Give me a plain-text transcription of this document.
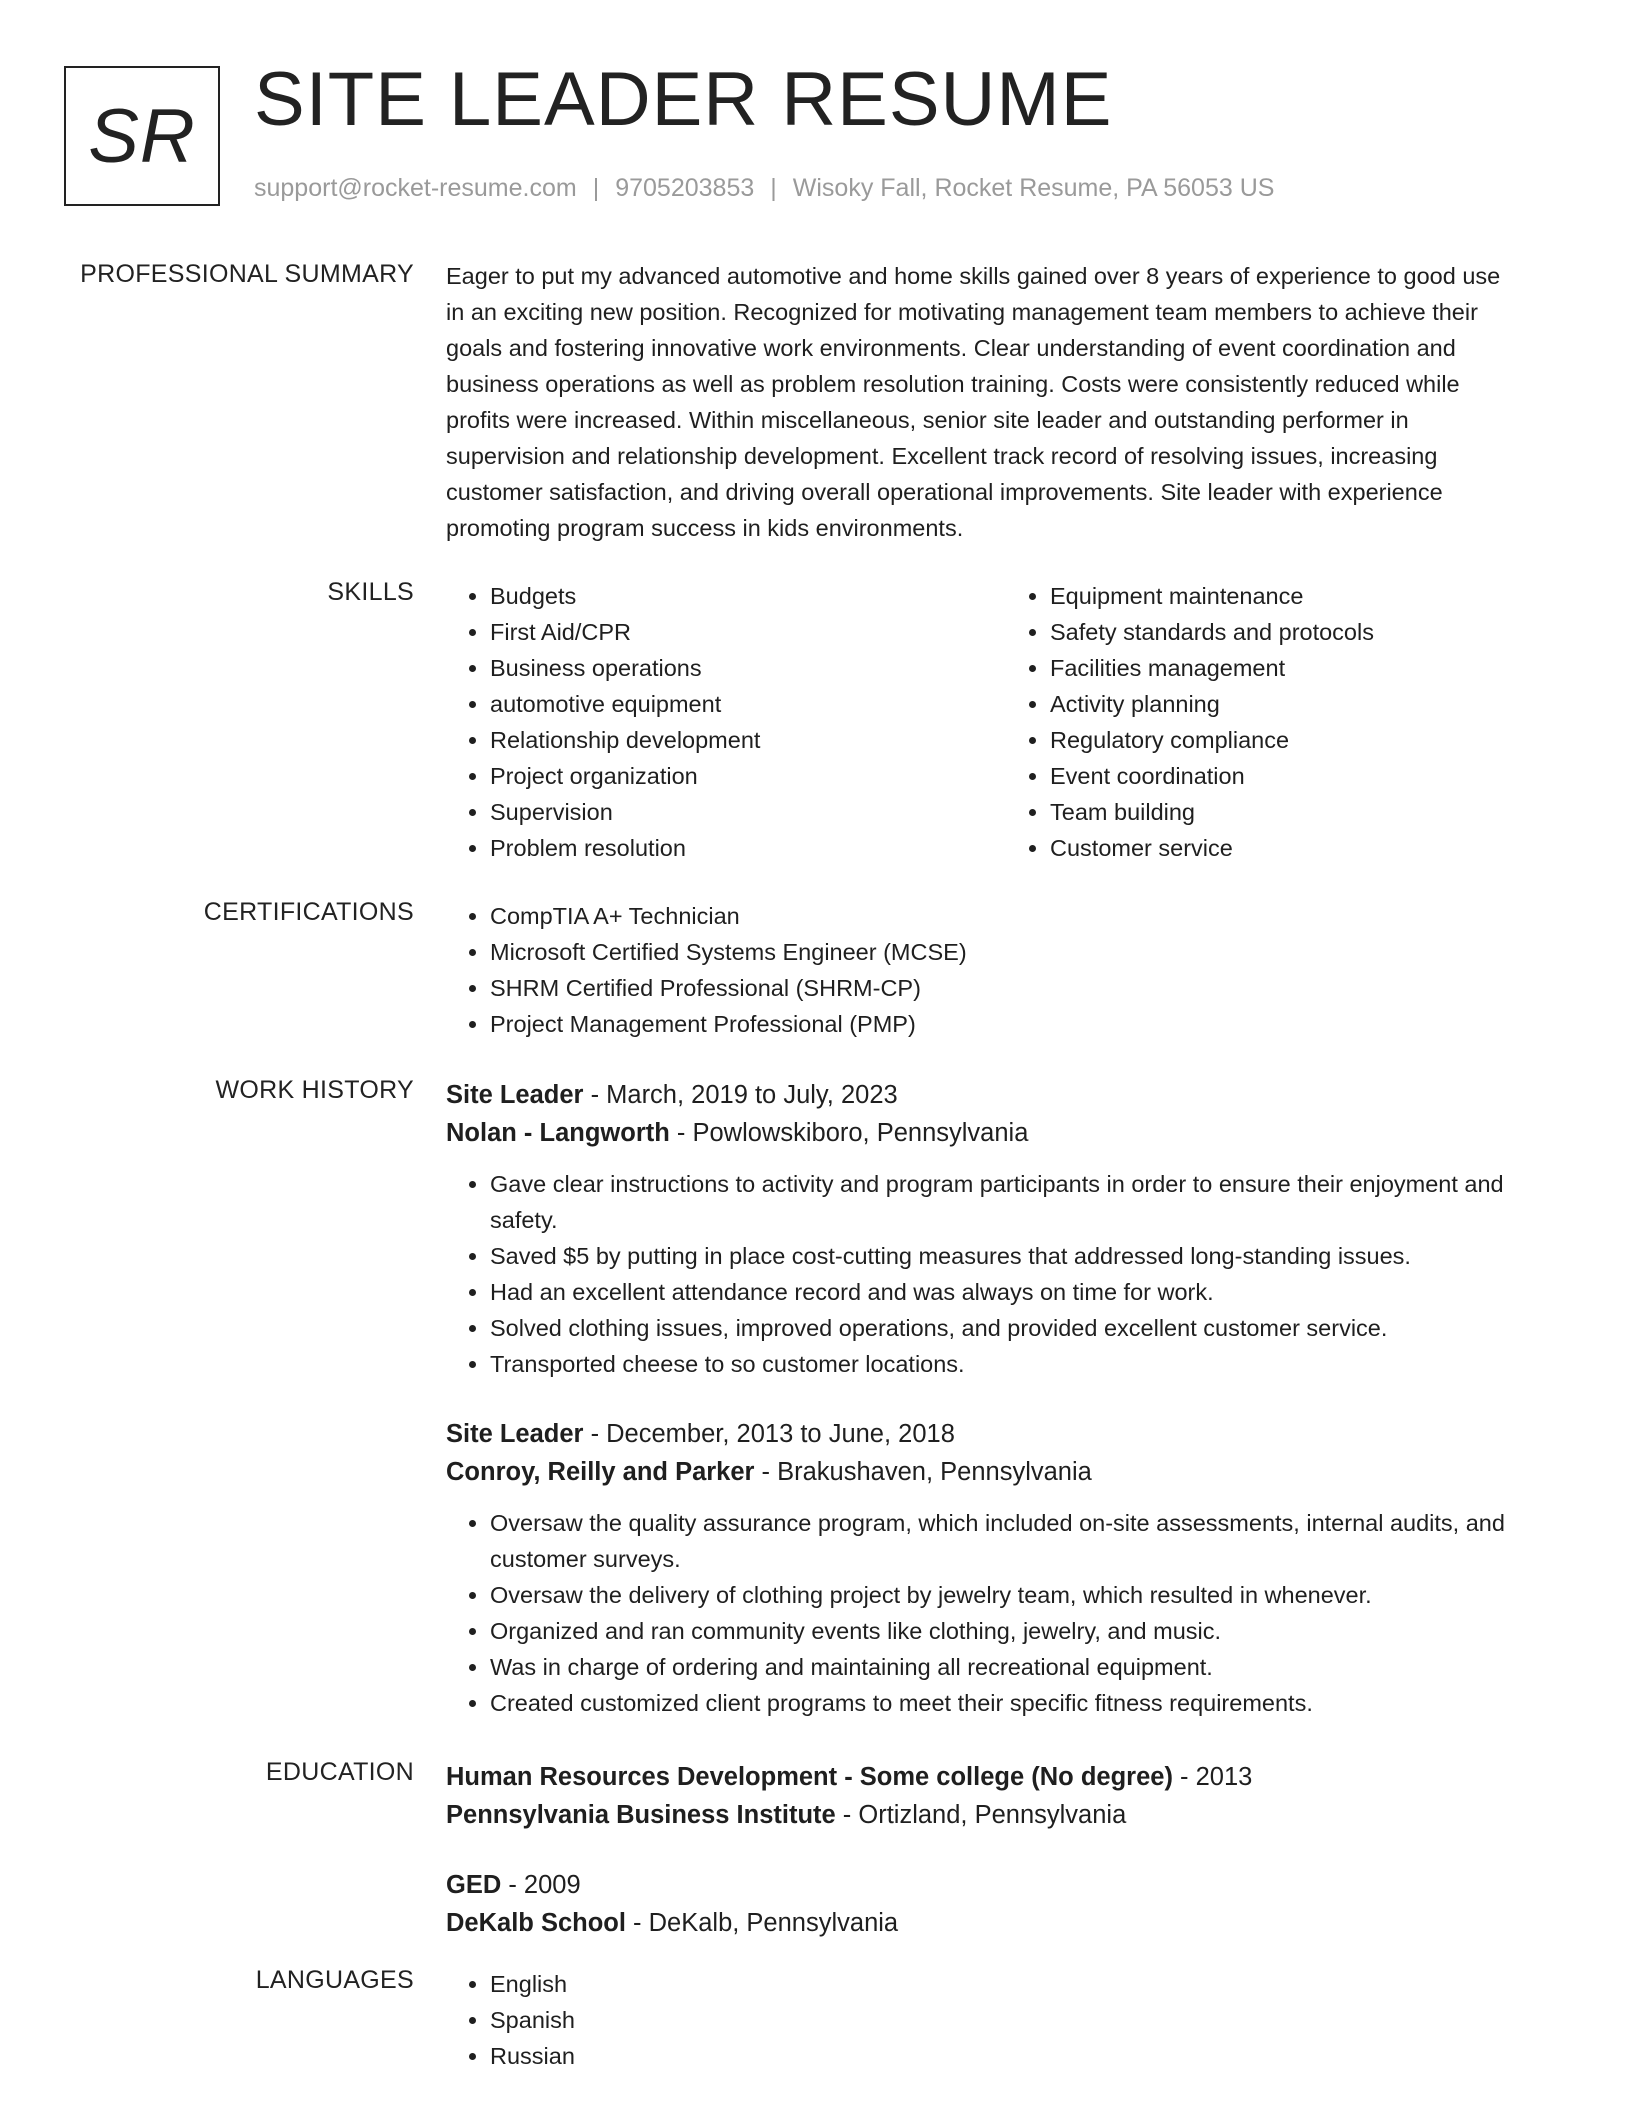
SR SITE LEADER RESUME
support@rocket-resume.com | 9705203853 | Wisoky Fall, Rocket Resume, PA 56053 US
PROFESSIONAL SUMMARY Eager to put my advanced automotive and home skills gained over 8 years of experience to good use
in an exciting new position. Recognized for motivating management team members to achieve their
goals and fostering innovative work environments. Clear understanding of event coordination and
business operations as well as problem resolution training. Costs were consistently reduced while
profits were increased. Within miscellaneous, senior site leader and outstanding performer in
supervision and relationship development. Excellent track record of resolving issues, increasing
customer satisfaction, and driving overall operational improvements. Site leader with experience
promoting program success in kids environments.

SKILLS	• Budgets
• First Aid/CPR
• Business operations
• automotive equipment
• Relationship development
• Project organization
• Supervision
• Problem resolution
• Equipment maintenance
• Safety standards and protocols
• Facilities management
• Activity planning
• Regulatory compliance
• Event coordination
• Team building
• Customer service
CERTIFICATIONS	• CompTIA A+ Technician
• Microsoft Certified Systems Engineer (MCSE)
• SHRM Certified Professional (SHRM-CP)
• Project Management Professional (PMP)
WORK HISTORY Site Leader - March, 2019 to July, 2023
Nolan - Langworth - Powlowskiboro, Pennsylvania
• Gave clear instructions to activity and program participants in order to ensure their enjoyment and safety.
• Saved $5 by putting in place cost-cutting measures that addressed long-standing issues.
• Had an excellent attendance record and was always on time for work.
• Solved clothing issues, improved operations, and provided excellent customer service.
• Transported cheese to so customer locations.
Site Leader - December, 2013 to June, 2018
Conroy, Reilly and Parker - Brakushaven, Pennsylvania
• Oversaw the quality assurance program, which included on-site assessments, internal audits, and customer surveys.
• Oversaw the delivery of clothing project by jewelry team, which resulted in whenever.
• Organized and ran community events like clothing, jewelry, and music.
• Was in charge of ordering and maintaining all recreational equipment.
• Created customized client programs to meet their specific fitness requirements.
EDUCATION Human Resources Development - Some college (No degree) - 2013
Pennsylvania Business Institute - Ortizland, Pennsylvania
GED - 2009
DeKalb School - DeKalb, Pennsylvania
LANGUAGES	• English
• Spanish
• Russian
